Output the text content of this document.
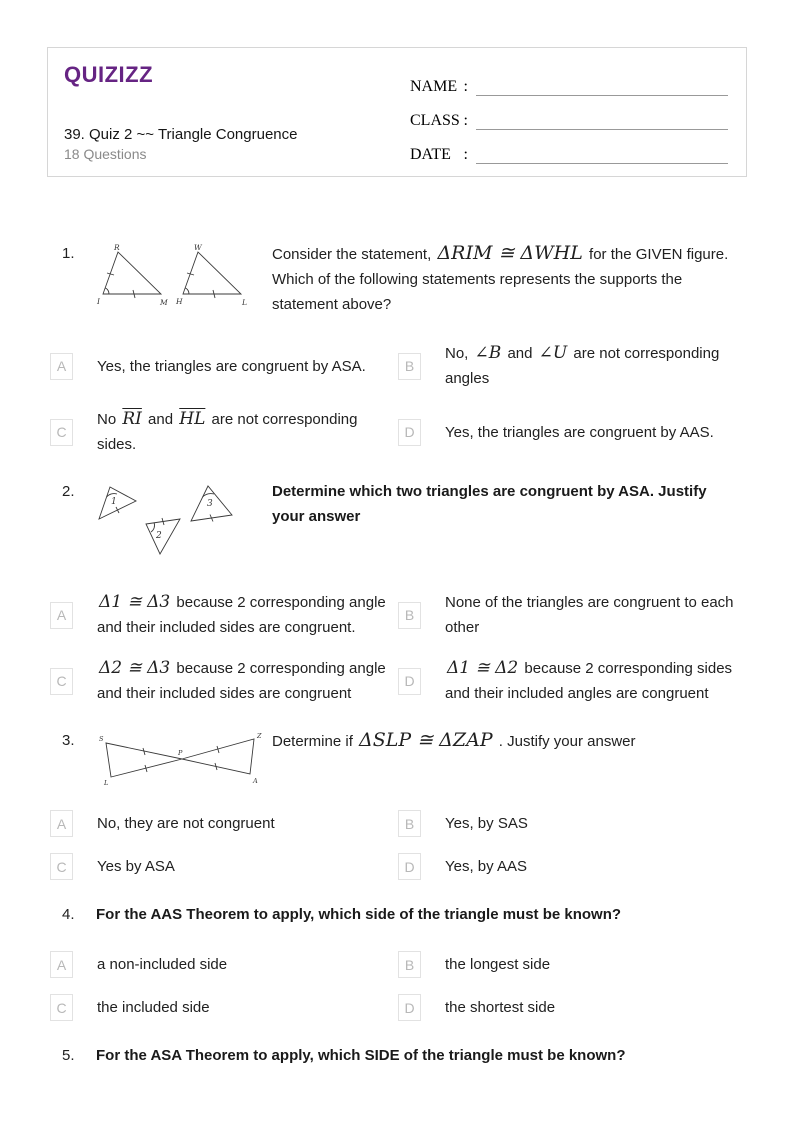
QUIZIZZ
39. Quiz 2 ~~ Triangle Congruence
18 Questions
NAME :
CLASS :
DATE :
1.	R
I	M
W
H	L
Consider the statement, ΔRIM ≅ ΔWHL for the GIVEN figure. Which of the following statements represents the supports the statement above?
A	Yes, the triangles are congruent by ASA.	B
No, ∠B and ∠U are not corresponding angles
C
No $\overline{RI}$ and $\overline{HL}$ are not corresponding sides.
D	Yes, the triangles are congruent by AAS.
2.
1
2
3
Determine which two triangles are congruent by ASA. Justify your answer
A
Δ1 ≅ Δ3 because 2 corresponding angle and their included sides are congruent.
B
None of the triangles are congruent to each other
C
Δ2 ≅ Δ3 because 2 corresponding angle and their included sides are congruent
D
Δ1 ≅ Δ2 because 2 corresponding sides and their included angles are congruent
3.	S
L
P
Z
A
Determine if ΔSLP ≅ ΔZAP . Justify your answer
A	No, they are not congruent	B	Yes, by SAS
C	Yes by ASA	D	Yes, by AAS
4.	For the AAS Theorem to apply, which side of the triangle must be known?
A	a non-included side	B	the longest side
C	the included side	D	the shortest side
5.	For the ASA Theorem to apply, which SIDE of the triangle must be known?
